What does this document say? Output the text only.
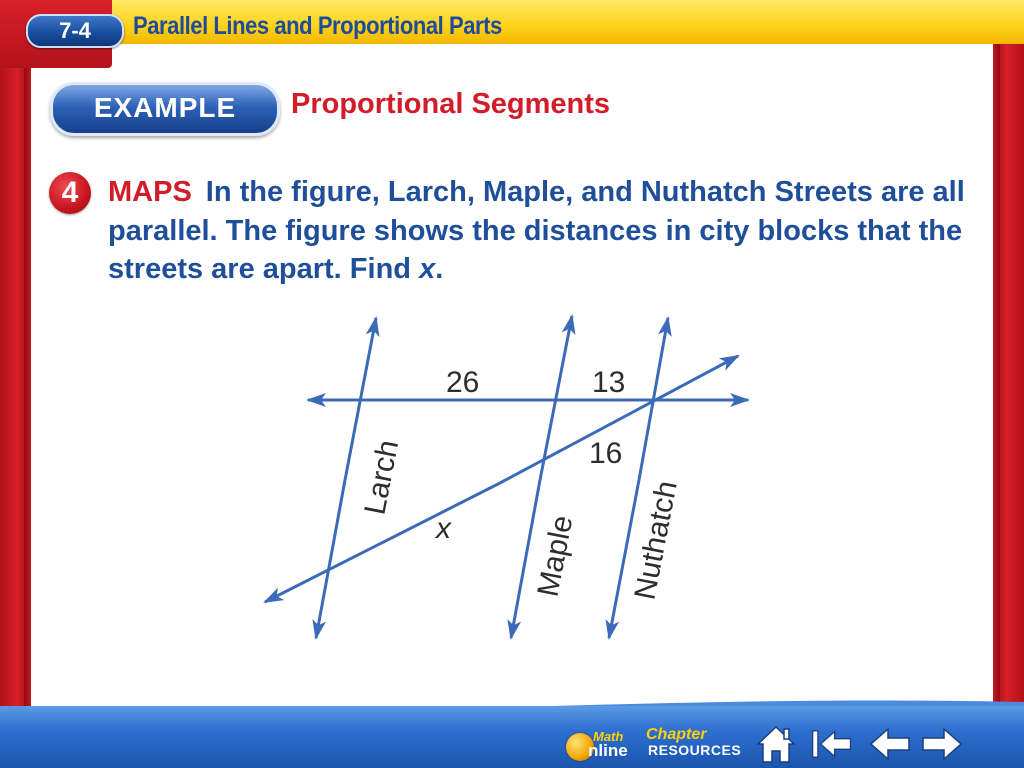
7-4	Parallel Lines and Proportional Parts
EXAMPLE	Proportional Segments
4	MAPS In the figure, Larch, Maple, and Nuthatch Streets are all parallel. The figure shows the distances in city blocks that the streets are apart. Find x.
26	13
16
x
Larch
Maple Nuthatch
Math
nline
Chapter
RESOURCES
